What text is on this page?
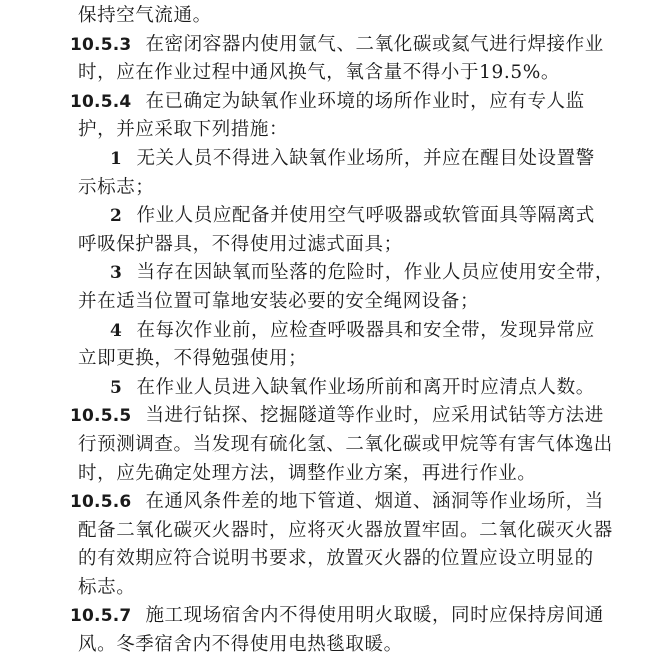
保持空气流通。
10.5.3 在密闭容器内使用氩气、二氧化碳或氦气进行焊接作业
时，应在作业过程中通风换气，氧含量不得小于19.5%。
10.5.4 在已确定为缺氧作业环境的场所作业时，应有专人监
护，并应采取下列措施：
1 无关人员不得进入缺氧作业场所，并应在醒目处设置警
示标志；
2 作业人员应配备并使用空气呼吸器或软管面具等隔离式
呼吸保护器具，不得使用过滤式面具；
3 当存在因缺氧而坠落的危险时，作业人员应使用安全带，
并在适当位置可靠地安装必要的安全绳网设备；
4 在每次作业前，应检查呼吸器具和安全带，发现异常应
立即更换，不得勉强使用；
5 在作业人员进入缺氧作业场所前和离开时应清点人数。
10.5.5 当进行钻探、挖掘隧道等作业时，应采用试钻等方法进
行预测调查。当发现有硫化氢、二氧化碳或甲烷等有害气体逸出
时，应先确定处理方法，调整作业方案，再进行作业。
10.5.6 在通风条件差的地下管道、烟道、涵洞等作业场所，当
配备二氧化碳灭火器时，应将灭火器放置牢固。二氧化碳灭火器
的有效期应符合说明书要求，放置灭火器的位置应设立明显的
标志。
10.5.7 施工现场宿舍内不得使用明火取暖，同时应保持房间通
风。冬季宿舍内不得使用电热毯取暖。
